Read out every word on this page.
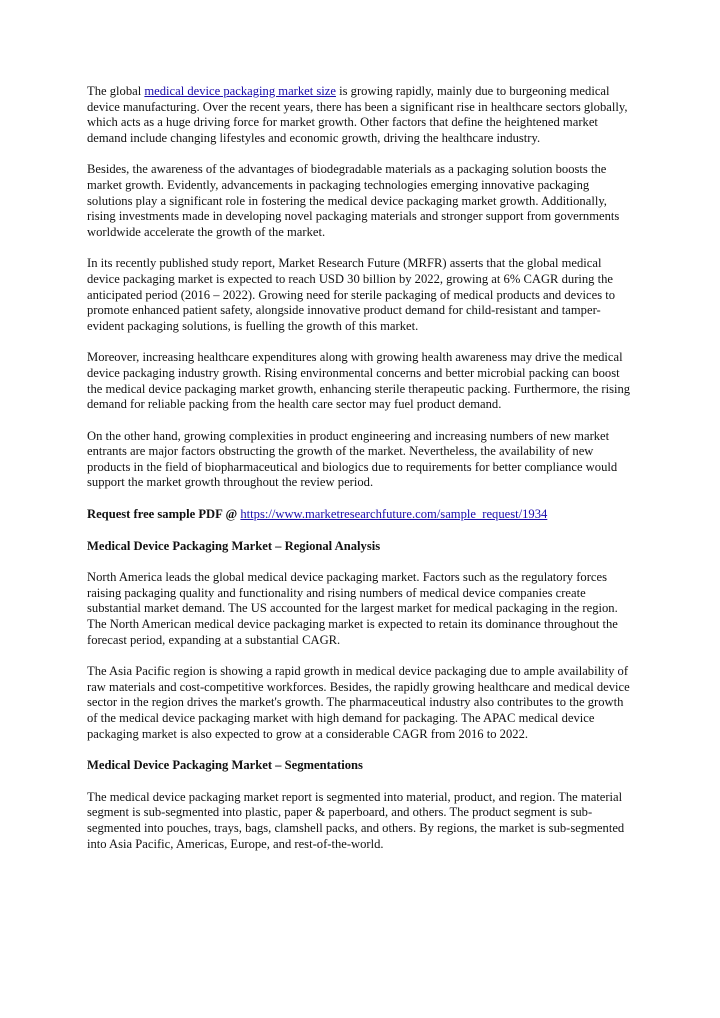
The global medical device packaging market size is growing rapidly, mainly due to burgeoning medical device manufacturing. Over the recent years, there has been a significant rise in healthcare sectors globally, which acts as a huge driving force for market growth. Other factors that define the heightened market demand include changing lifestyles and economic growth, driving the healthcare industry.

Besides, the awareness of the advantages of biodegradable materials as a packaging solution boosts the market growth. Evidently, advancements in packaging technologies emerging innovative packaging solutions play a significant role in fostering the medical device packaging market growth. Additionally, rising investments made in developing novel packaging materials and stronger support from governments worldwide accelerate the growth of the market.

In its recently published study report, Market Research Future (MRFR) asserts that the global medical device packaging market is expected to reach USD 30 billion by 2022, growing at 6% CAGR during the anticipated period (2016 – 2022). Growing need for sterile packaging of medical products and devices to promote enhanced patient safety, alongside innovative product demand for child-resistant and tamper-evident packaging solutions, is fuelling the growth of this market.

Moreover, increasing healthcare expenditures along with growing health awareness may drive the medical device packaging industry growth. Rising environmental concerns and better microbial packing can boost the medical device packaging market growth, enhancing sterile therapeutic packing. Furthermore, the rising demand for reliable packing from the health care sector may fuel product demand.

On the other hand, growing complexities in product engineering and increasing numbers of new market entrants are major factors obstructing the growth of the market. Nevertheless, the availability of new products in the field of biopharmaceutical and biologics due to requirements for better compliance would support the market growth throughout the review period.

Request free sample PDF @ https://www.marketresearchfuture.com/sample_request/1934

Medical Device Packaging Market – Regional Analysis

North America leads the global medical device packaging market. Factors such as the regulatory forces raising packaging quality and functionality and rising numbers of medical device companies create substantial market demand. The US accounted for the largest market for medical packaging in the region. The North American medical device packaging market is expected to retain its dominance throughout the forecast period, expanding at a substantial CAGR.

The Asia Pacific region is showing a rapid growth in medical device packaging due to ample availability of raw materials and cost-competitive workforces. Besides, the rapidly growing healthcare and medical device sector in the region drives the market's growth. The pharmaceutical industry also contributes to the growth of the medical device packaging market with high demand for packaging. The APAC medical device packaging market is also expected to grow at a considerable CAGR from 2016 to 2022.

Medical Device Packaging Market – Segmentations

The medical device packaging market report is segmented into material, product, and region. The material segment is sub-segmented into plastic, paper & paperboard, and others. The product segment is sub-segmented into pouches, trays, bags, clamshell packs, and others. By regions, the market is sub-segmented into Asia Pacific, Americas, Europe, and rest-of-the-world.
